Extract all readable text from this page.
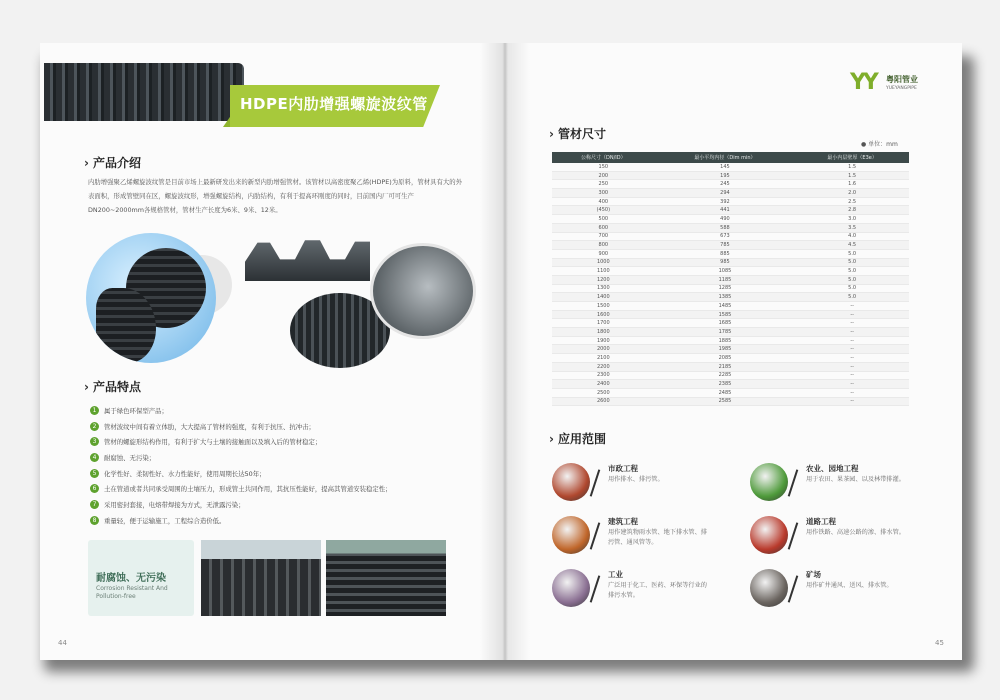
HDPE内肋增强螺旋波纹管
› 产品介绍
内肋增强聚乙烯螺旋波纹管是目前市场上最新研发出来的新型内肋增强管材。该管材以高密度聚乙烯(HDPE)为原料，管材具有大的外表面积，形成管壁同在区，螺旋波纹形，增强螺旋结构，内肋结构，有利于提高环刚度的同时，目前国内厂可可生产DN200~2000mm各规格管材，管材生产长度为6米、9米、12米。
› 产品特点
1	属于绿色环保型产品；
2	管材波纹中间有着立体肋，大大提高了管材的强度，有利于抗压、抗冲击；
3	管材的螺旋形结构作用，有利于扩大与土壤的接触面以及填入后的管材稳定；
4	耐腐蚀、无污染；
5	化学性好、柔韧性好、水力性能好，使用周期长达50年；
6	土在管道或者共同承受周围的土壤压力，形成管土共同作用，其抗压性能好，提高其管道安装稳定性；
7	采用密封套接，电熔带焊接为方式，无泄露污染；
8	重量轻，便于运输施工，工程综合造价低。
耐腐蚀、无污染
Corrosion Resistant And Pollution-free
44
YY 粤阳管业
YUEYANGPIPE
› 管材尺寸
● 单位：mm
公称尺寸（DN/ID）	最小平均内径（Dim min）	最小内层壁厚（E3e）
150	145	1.5
200	195	1.5
250	245	1.6
300	294	2.0
400	392	2.5
(450)	441	2.8
500	490	3.0
600	588	3.5
700	673	4.0
800	785	4.5
900	885	5.0
1000	985	5.0
1100	1085	5.0
1200	1185	5.0
1300	1285	5.0
1400	1385	5.0
1500	1485	--
1600	1585	--
1700	1685	--
1800	1785	--
1900	1885	--
2000	1985	--
2100	2085	--
2200	2185	--
2300	2285	--
2400	2385	--
2500	2485	--
2600	2585	--
› 应用范围
市政工程
用作排水、排污管。
农业、园地工程
用于农田、果茶园、以及林带排灌。
建筑工程
用作建筑物雨水管、地下排水管、排污管、通风管等。
道路工程
用作铁路、高速公路的渗、排水管。
工业
广泛用于化工、医药、环保等行业的排污水管。
矿场
用作矿井通风、送风、排水管。
45
